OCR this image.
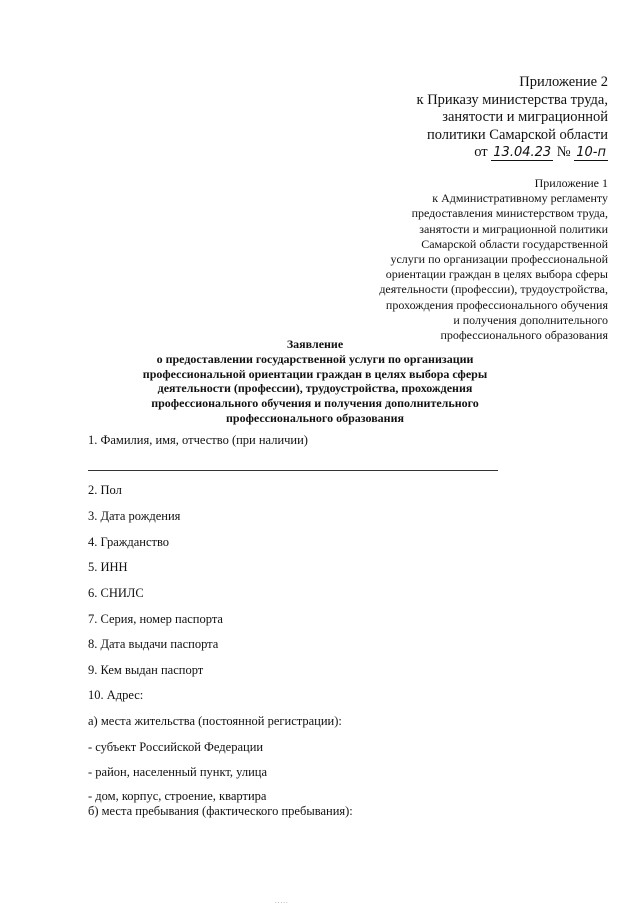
Приложение 2
к Приказу министерства труда,
занятости и миграционной
политики Самарской области
от 13.04.23 № 10-п
Приложение 1
к Административному регламенту
предоставления министерством труда,
занятости и миграционной политики
Самарской области государственной
услуги по организации профессиональной
ориентации граждан в целях выбора сферы
деятельности (профессии), трудоустройства,
прохождения профессионального обучения
и получения дополнительного
профессионального образования
Заявление
о предоставлении государственной услуги по организации
профессиональной ориентации граждан в целях выбора сферы
деятельности (профессии), трудоустройства, прохождения
профессионального обучения и получения дополнительного
профессионального образования
1. Фамилия, имя, отчество (при наличии)
2. Пол
3. Дата рождения
4. Гражданство
5. ИНН
6. СНИЛС
7. Серия, номер паспорта
8. Дата выдачи паспорта
9. Кем выдан паспорт
10. Адрес:
а) места жительства (постоянной регистрации):
- субъект Российской Федерации
- район, населенный пункт, улица
- дом, корпус, строение, квартира
б) места пребывания (фактического пребывания):
.....
